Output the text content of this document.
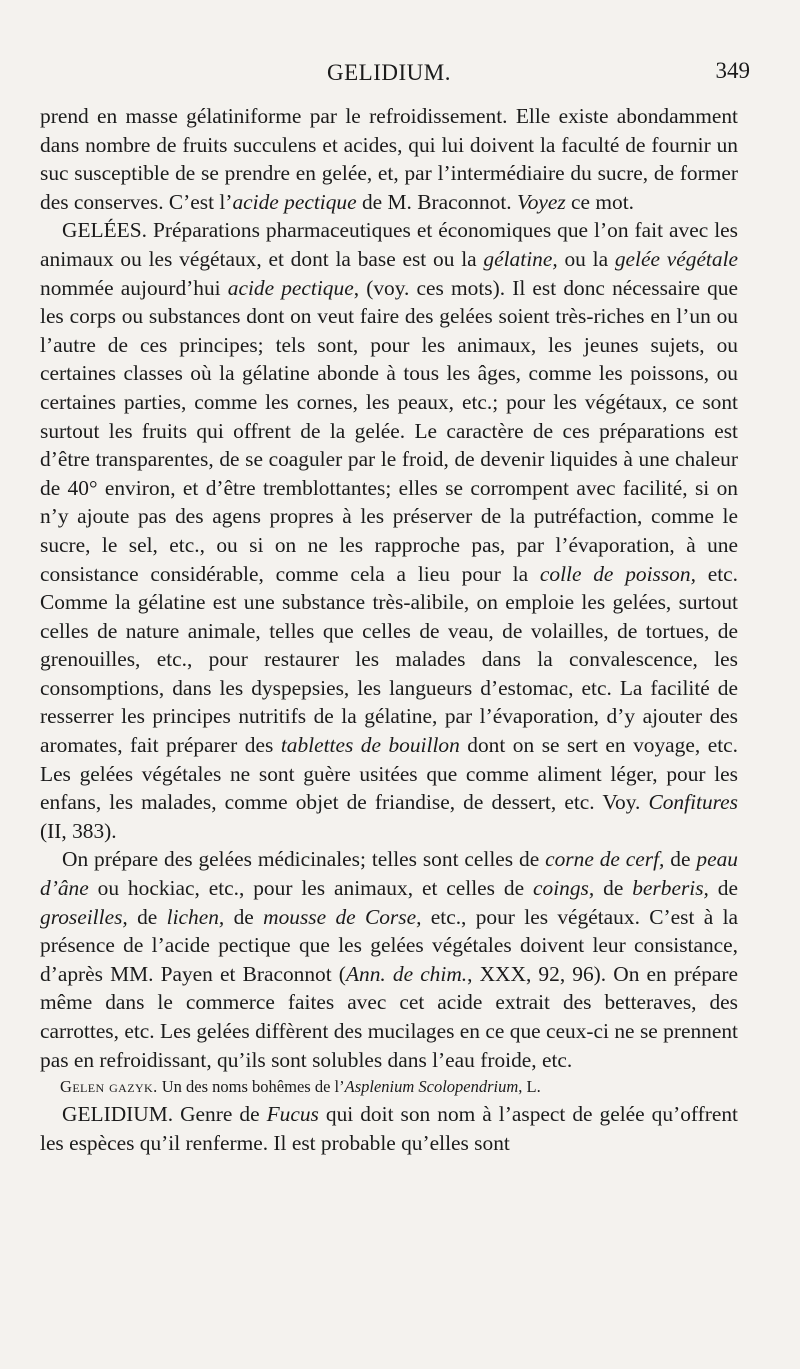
GELIDIUM.	349

prend en masse gélatiniforme par le refroidissement. Elle existe abondamment dans nombre de fruits succulens et acides, qui lui doivent la faculté de fournir un suc susceptible de se prendre en gelée, et, par l’intermédiaire du sucre, de former des conserves. C’est l’acide pectique de M. Braconnot. Voyez ce mot.

GELÉES. Préparations pharmaceutiques et économiques que l’on fait avec les animaux ou les végétaux, et dont la base est ou la gélatine, ou la gelée végétale nommée aujourd’hui acide pectique, (voy. ces mots). Il est donc nécessaire que les corps ou substances dont on veut faire des gelées soient très-riches en l’un ou l’autre de ces principes; tels sont, pour les animaux, les jeunes sujets, ou certaines classes où la gélatine abonde à tous les âges, comme les poissons, ou certaines parties, comme les cornes, les peaux, etc.; pour les végétaux, ce sont surtout les fruits qui offrent de la gelée. Le caractère de ces préparations est d’être transparentes, de se coaguler par le froid, de devenir liquides à une chaleur de 40° environ, et d’être tremblottantes; elles se corrompent avec facilité, si on n’y ajoute pas des agens propres à les préserver de la putréfaction, comme le sucre, le sel, etc., ou si on ne les rapproche pas, par l’évaporation, à une consistance considérable, comme cela a lieu pour la colle de poisson, etc. Comme la gélatine est une substance très-alibile, on emploie les gelées, surtout celles de nature animale, telles que celles de veau, de volailles, de tortues, de grenouilles, etc., pour restaurer les malades dans la convalescence, les consomptions, dans les dyspepsies, les langueurs d’estomac, etc. La facilité de resserrer les principes nutritifs de la gélatine, par l’évaporation, d’y ajouter des aromates, fait préparer des tablettes de bouillon dont on se sert en voyage, etc. Les gelées végétales ne sont guère usitées que comme aliment léger, pour les enfans, les malades, comme objet de friandise, de dessert, etc. Voy. Confitures (II, 383).

On prépare des gelées médicinales; telles sont celles de corne de cerf, de peau d’âne ou hockiac, etc., pour les animaux, et celles de coings, de berberis, de groseilles, de lichen, de mousse de Corse, etc., pour les végétaux. C’est à la présence de l’acide pectique que les gelées végétales doivent leur consistance, d’après MM. Payen et Braconnot (Ann. de chim., XXX, 92, 96). On en prépare même dans le commerce faites avec cet acide extrait des betteraves, des carrottes, etc. Les gelées diffèrent des mucilages en ce que ceux-ci ne se prennent pas en refroidissant, qu’ils sont solubles dans l’eau froide, etc.

Gelen gazyk. Un des noms bohêmes de l’Asplenium Scolopendrium, L.

GELIDIUM. Genre de Fucus qui doit son nom à l’aspect de gelée qu’offrent les espèces qu’il renferme. Il est probable qu’elles sont
